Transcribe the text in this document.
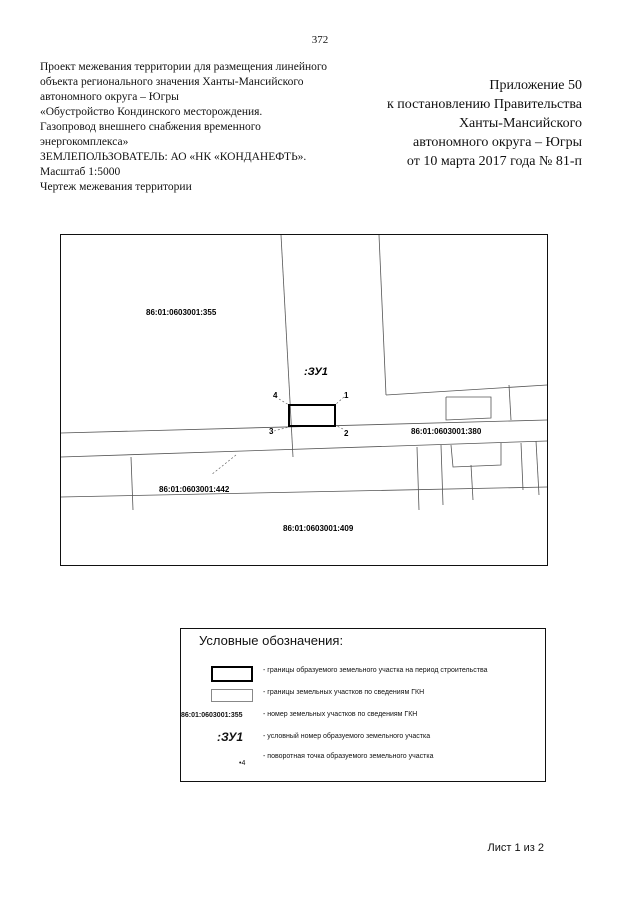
372
Проект межевания территории для размещения линейного
объекта регионального значения Ханты-Мансийского
автономного округа – Югры
«Обустройство Кондинского месторождения.
Газопровод внешнего снабжения временного
энергокомплекса»
ЗЕМЛЕПОЛЬЗОВАТЕЛЬ: АО «НК «КОНДАНЕФТЬ».
Масштаб 1:5000
Чертеж межевания территории
Приложение 50
к постановлению Правительства
Ханты-Мансийского
автономного округа – Югры
от 10 марта 2017 года № 81-п
86:01:0603001:355
86:01:0603001:380
86:01:0603001:442
86:01:0603001:409
:ЗУ1
1
2
3
4
Условные обозначения:
- границы образуемого земельного участка на период строительства
- границы земельных участков по сведениям ГКН
86:01:0603001:355	- номер земельных участков по сведениям ГКН
:ЗУ1	- условный номер образуемого земельного участка
•4
- поворотная точка образуемого земельного участка
Лист 1 из 2
